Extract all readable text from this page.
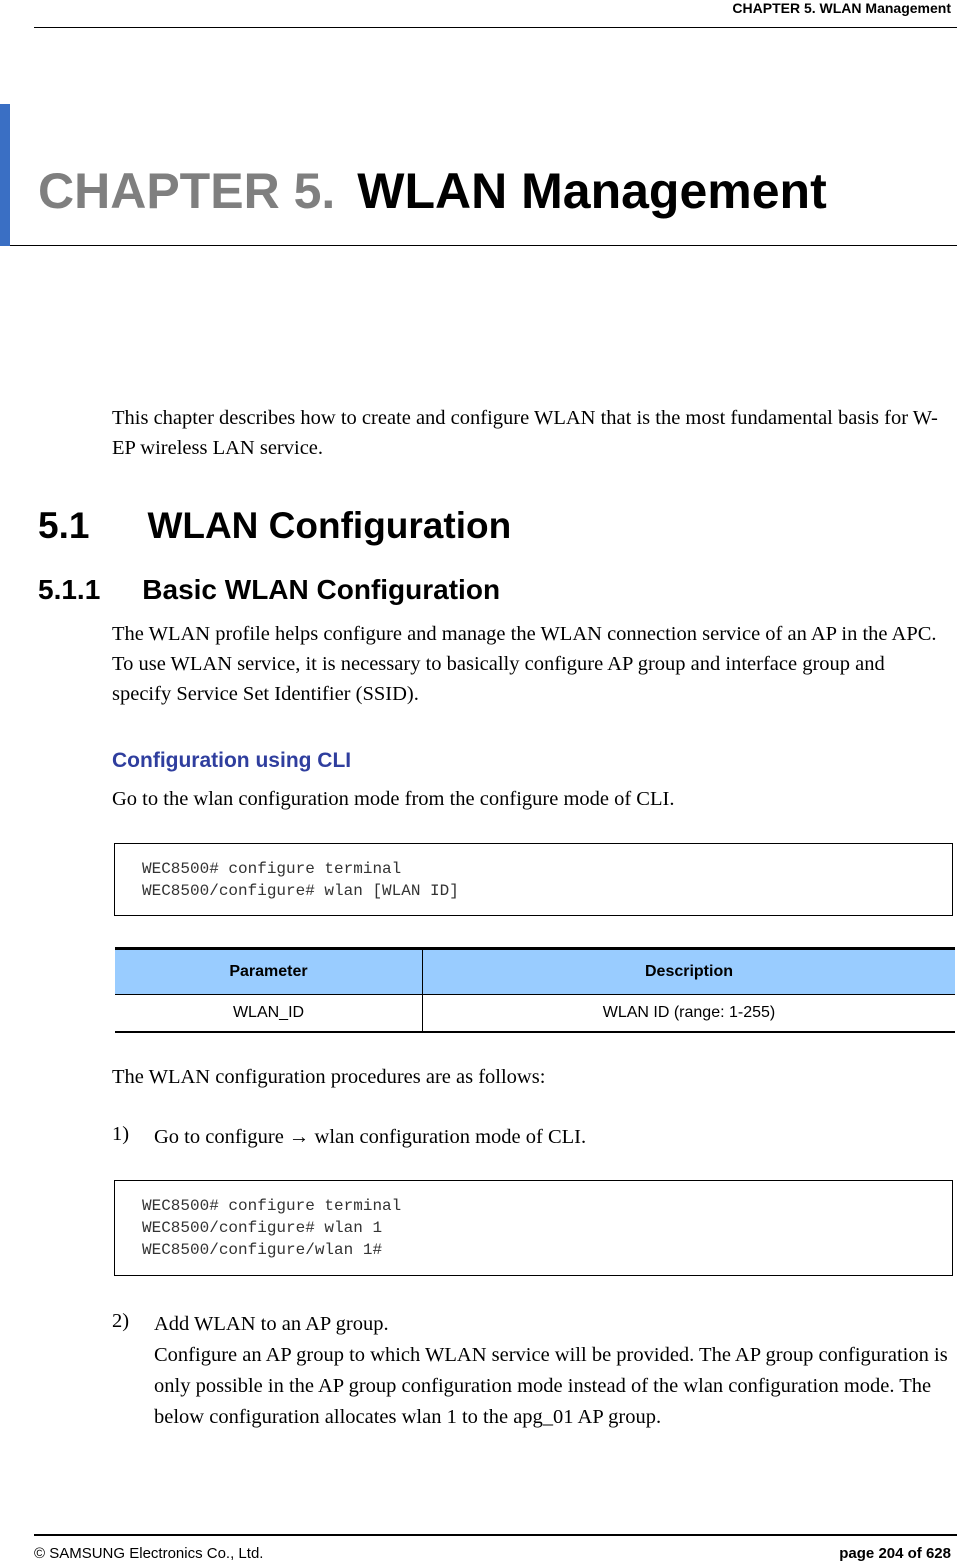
CHAPTER 5. WLAN Management
CHAPTER 5. WLAN Management
This chapter describes how to create and configure WLAN that is the most fundamental basis for W-EP wireless LAN service.
5.1 WLAN Configuration
5.1.1 Basic WLAN Configuration
The WLAN profile helps configure and manage the WLAN connection service of an AP in the APC. To use WLAN service, it is necessary to basically configure AP group and interface group and specify Service Set Identifier (SSID).
Configuration using CLI
Go to the wlan configuration mode from the configure mode of CLI.
WEC8500# configure terminal
WEC8500/configure# wlan [WLAN ID]
Parameter	Description
WLAN_ID	WLAN ID (range: 1-255)
The WLAN configuration procedures are as follows:
1) Go to configure → wlan configuration mode of CLI.
WEC8500# configure terminal
WEC8500/configure# wlan 1
WEC8500/configure/wlan 1#
2) Add WLAN to an AP group.
Configure an AP group to which WLAN service will be provided. The AP group configuration is only possible in the AP group configuration mode instead of the wlan configuration mode. The below configuration allocates wlan 1 to the apg_01 AP group.
© SAMSUNG Electronics Co., Ltd.	page 204 of 628
